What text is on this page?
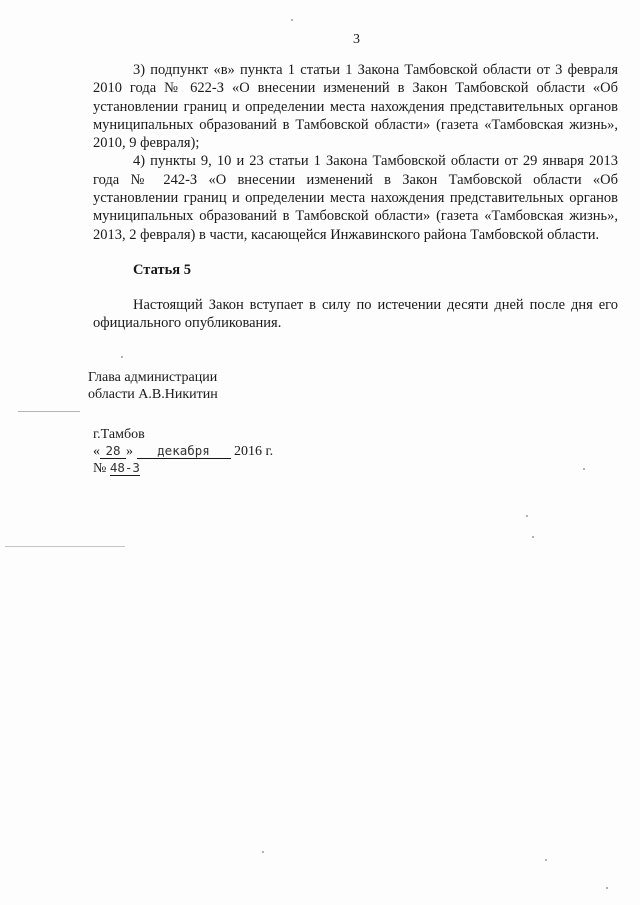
3

3) подпункт «в» пункта 1 статьи 1 Закона Тамбовской области от 3 февраля 2010 года № 622-З «О внесении изменений в Закон Тамбовской области «Об установлении границ и определении места нахождения представительных органов муниципальных образований в Тамбовской области» (газета «Тамбовская жизнь», 2010, 9 февраля);

4) пункты 9, 10 и 23 статьи 1 Закона Тамбовской области от 29 января 2013 года № 242-З «О внесении изменений в Закон Тамбовской области «Об установлении границ и определении места нахождения представительных органов муниципальных образований в Тамбовской области» (газета «Тамбовская жизнь», 2013, 2 февраля) в части, касающейся Инжавинского района Тамбовской области.

Статья 5

Настоящий Закон вступает в силу по истечении десяти дней после дня его официального опубликования.

Глава администрации
области А.В.Никитин
г.Тамбов
« 28 » декабря 2016 г.
№ 48-З
